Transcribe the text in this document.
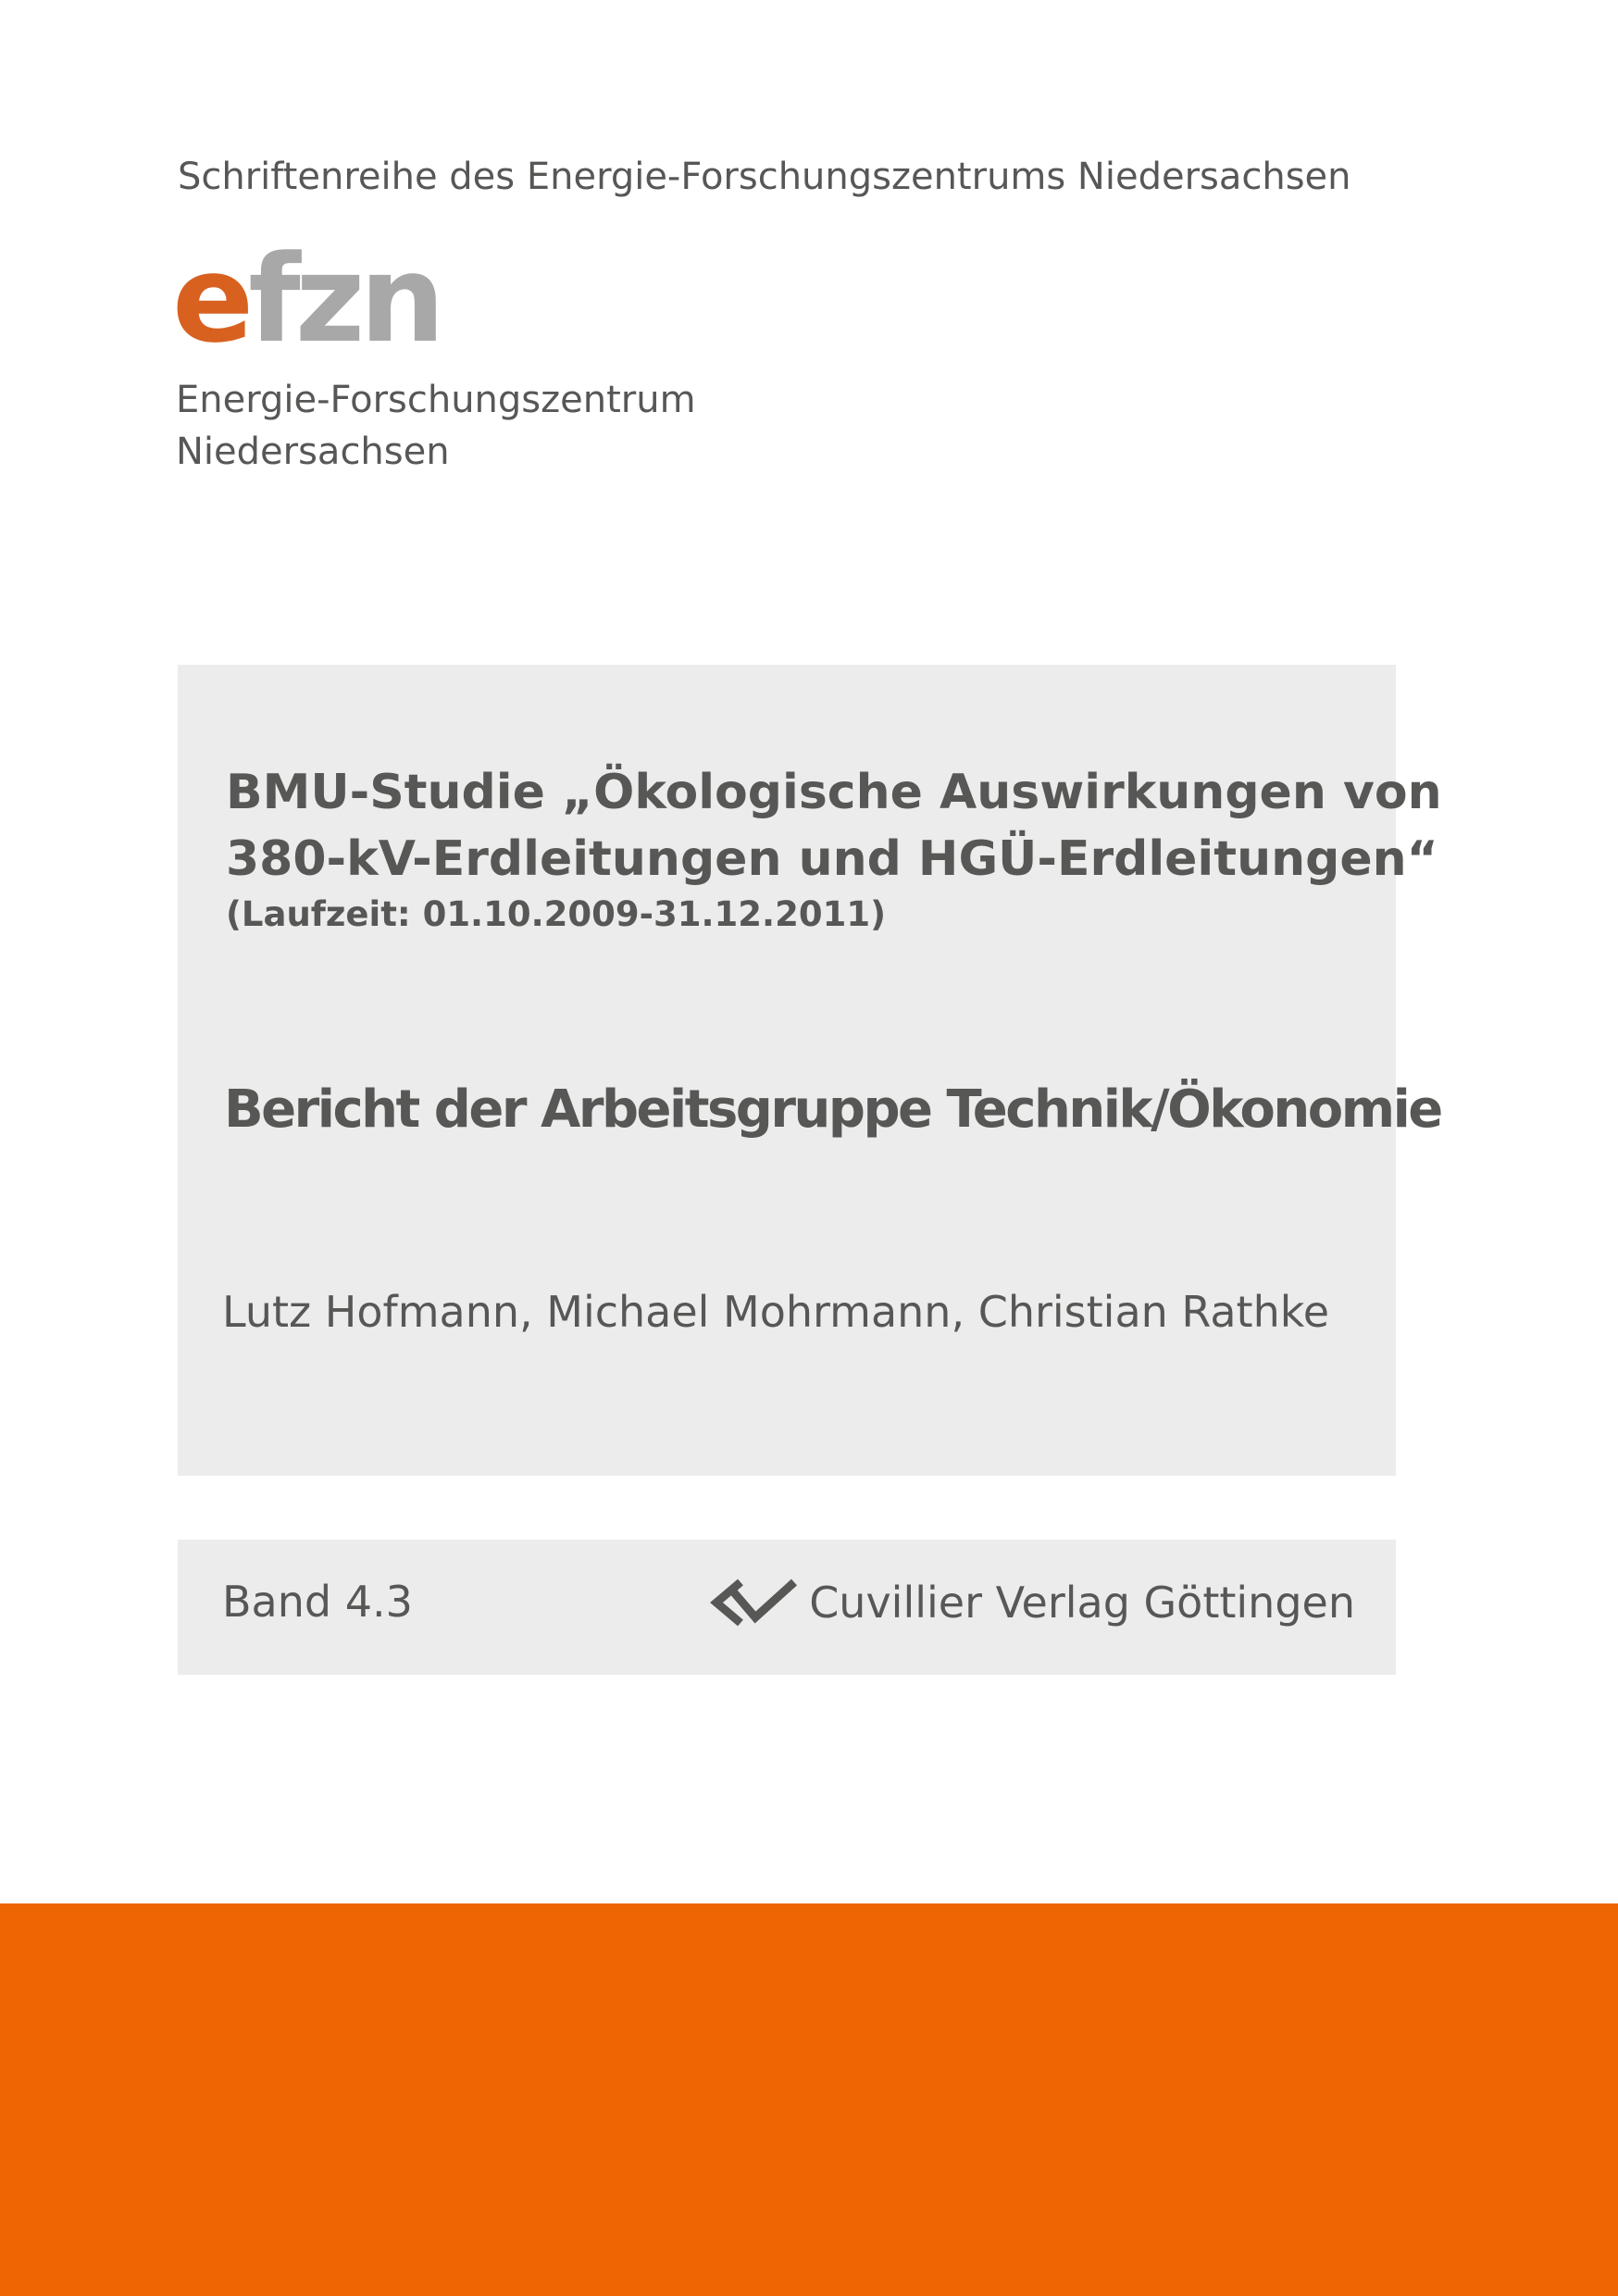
Schriftenreihe des Energie-Forschungszentrums Niedersachsen
efzn
Energie-Forschungszentrum
Niedersachsen
BMU-Studie „Ökologische Auswirkungen von
380-kV-Erdleitungen und HGÜ-Erdleitungen“
(Laufzeit: 01.10.2009-31.12.2011)
Bericht der Arbeitsgruppe Technik/Ökonomie
Lutz Hofmann, Michael Mohrmann, Christian Rathke
Band 4.3	Cuvillier Verlag Göttingen
